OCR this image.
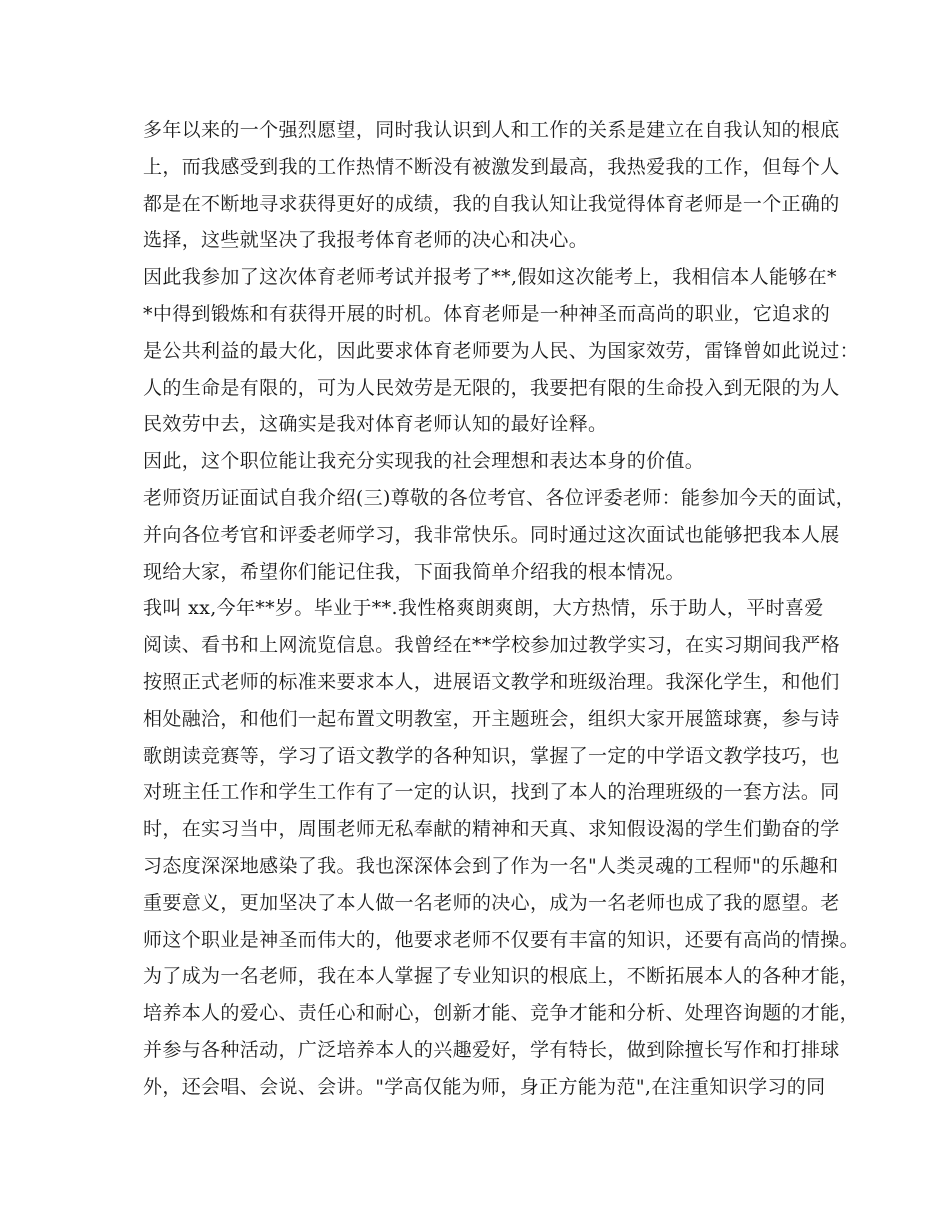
多年以来的一个强烈愿望，同时我认识到人和工作的关系是建立在自我认知的根底
上，而我感受到我的工作热情不断没有被激发到最高，我热爱我的工作，但每个人
都是在不断地寻求获得更好的成绩，我的自我认知让我觉得体育老师是一个正确的
选择，这些就坚决了我报考体育老师的决心和决心。
因此我参加了这次体育老师考试并报考了**,假如这次能考上，我相信本人能够在*
*中得到锻炼和有获得开展的时机。体育老师是一种神圣而高尚的职业，它追求的
是公共利益的最大化，因此要求体育老师要为人民、为国家效劳，雷锋曾如此说过：
人的生命是有限的，可为人民效劳是无限的，我要把有限的生命投入到无限的为人
民效劳中去，这确实是我对体育老师认知的最好诠释。
因此，这个职位能让我充分实现我的社会理想和表达本身的价值。
老师资历证面试自我介绍(三)尊敬的各位考官、各位评委老师：能参加今天的面试，
并向各位考官和评委老师学习，我非常快乐。同时通过这次面试也能够把我本人展
现给大家，希望你们能记住我，下面我简单介绍我的根本情况。
我叫 xx,今年**岁。毕业于**.我性格爽朗爽朗，大方热情，乐于助人，平时喜爱
阅读、看书和上网流览信息。我曾经在**学校参加过教学实习，在实习期间我严格
按照正式老师的标准来要求本人，进展语文教学和班级治理。我深化学生，和他们
相处融洽，和他们一起布置文明教室，开主题班会，组织大家开展篮球赛，参与诗
歌朗读竞赛等，学习了语文教学的各种知识，掌握了一定的中学语文教学技巧，也
对班主任工作和学生工作有了一定的认识，找到了本人的治理班级的一套方法。同
时，在实习当中，周围老师无私奉献的精神和天真、求知假设渴的学生们勤奋的学
习态度深深地感染了我。我也深深体会到了作为一名"人类灵魂的工程师"的乐趣和
重要意义，更加坚决了本人做一名老师的决心，成为一名老师也成了我的愿望。老
师这个职业是神圣而伟大的，他要求老师不仅要有丰富的知识，还要有高尚的情操。
为了成为一名老师，我在本人掌握了专业知识的根底上，不断拓展本人的各种才能，
培养本人的爱心、责任心和耐心，创新才能、竞争才能和分析、处理咨询题的才能，
并参与各种活动，广泛培养本人的兴趣爱好，学有特长，做到除擅长写作和打排球
外，还会唱、会说、会讲。"学高仅能为师，身正方能为范",在注重知识学习的同
